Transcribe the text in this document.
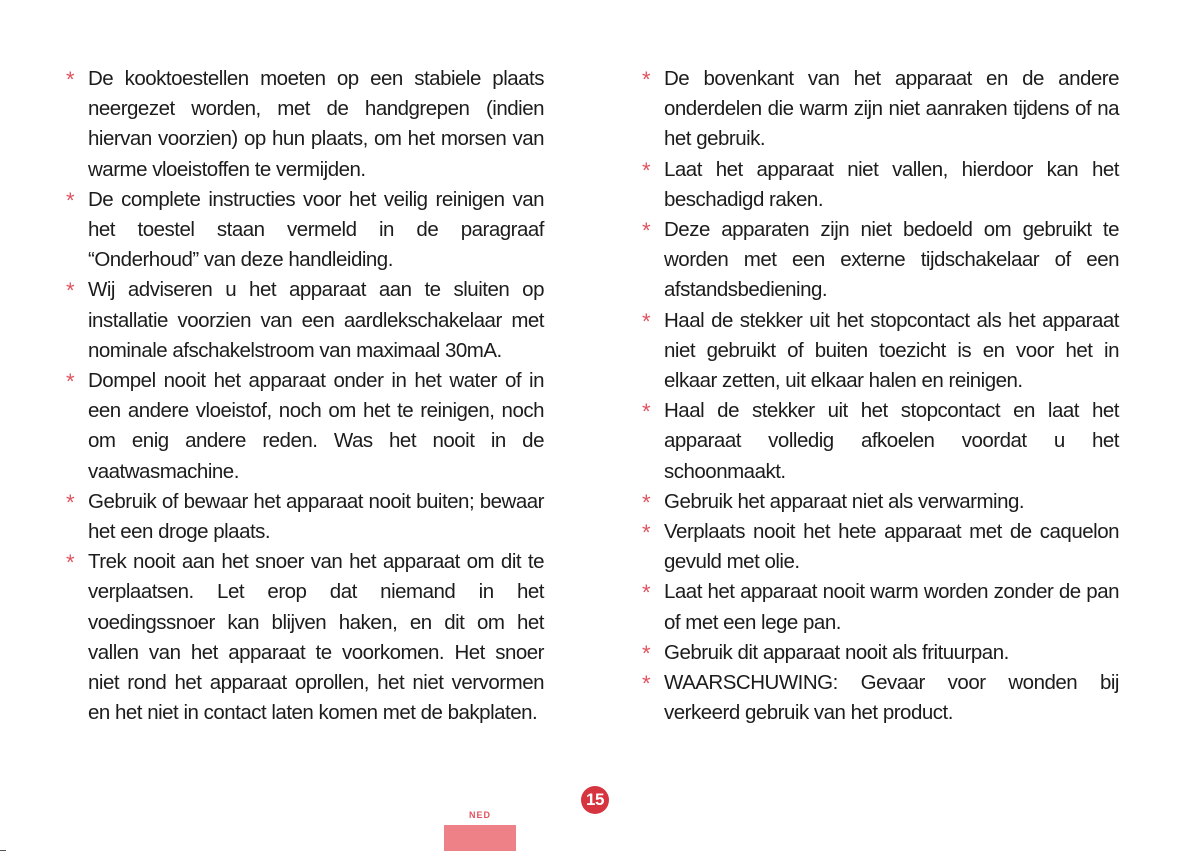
* De kooktoestellen moeten op een stabiele plaats neergezet worden, met de handgrepen (indien hiervan voorzien) op hun plaats, om het morsen van warme vloeistoffen te vermijden.
* De complete instructies voor het veilig reinigen van het toestel staan vermeld in de paragraaf “Onderhoud” van deze handleiding.
* Wij adviseren u het apparaat aan te sluiten op installatie voorzien van een aardlekschakelaar met nominale afschakelstroom van maximaal 30mA.
* Dompel nooit het apparaat onder in het water of in een andere vloeistof, noch om het te reinigen, noch om enig andere reden. Was het nooit in de vaatwasmachine.
* Gebruik of bewaar het apparaat nooit buiten; bewaar het een droge plaats.
* Trek nooit aan het snoer van het apparaat om dit te verplaatsen. Let erop dat niemand in het voedingssnoer kan blijven haken, en dit om het vallen van het apparaat te voorkomen. Het snoer niet rond het apparaat oprollen, het niet vervormen en het niet in contact laten komen met de bakplaten.
* De bovenkant van het apparaat en de andere onderdelen die warm zijn niet aanraken tijdens of na het gebruik.
* Laat het apparaat niet vallen, hierdoor kan het beschadigd raken.
* Deze apparaten zijn niet bedoeld om gebruikt te worden met een externe tijdschakelaar of een afstandsbediening.
* Haal de stekker uit het stopcontact als het apparaat niet gebruikt of buiten toezicht is en voor het in elkaar zetten, uit elkaar halen en reinigen.
* Haal de stekker uit het stopcontact en laat het apparaat volledig afkoelen voordat u het schoonmaakt.
* Gebruik het apparaat niet als verwarming.
* Verplaats nooit het hete apparaat met de caquelon gevuld met olie.
* Laat het apparaat nooit warm worden zonder de pan of met een lege pan.
* Gebruik dit apparaat nooit als frituurpan.
* WAARSCHUWING: Gevaar voor wonden bij verkeerd gebruik van het product.
15
NED
